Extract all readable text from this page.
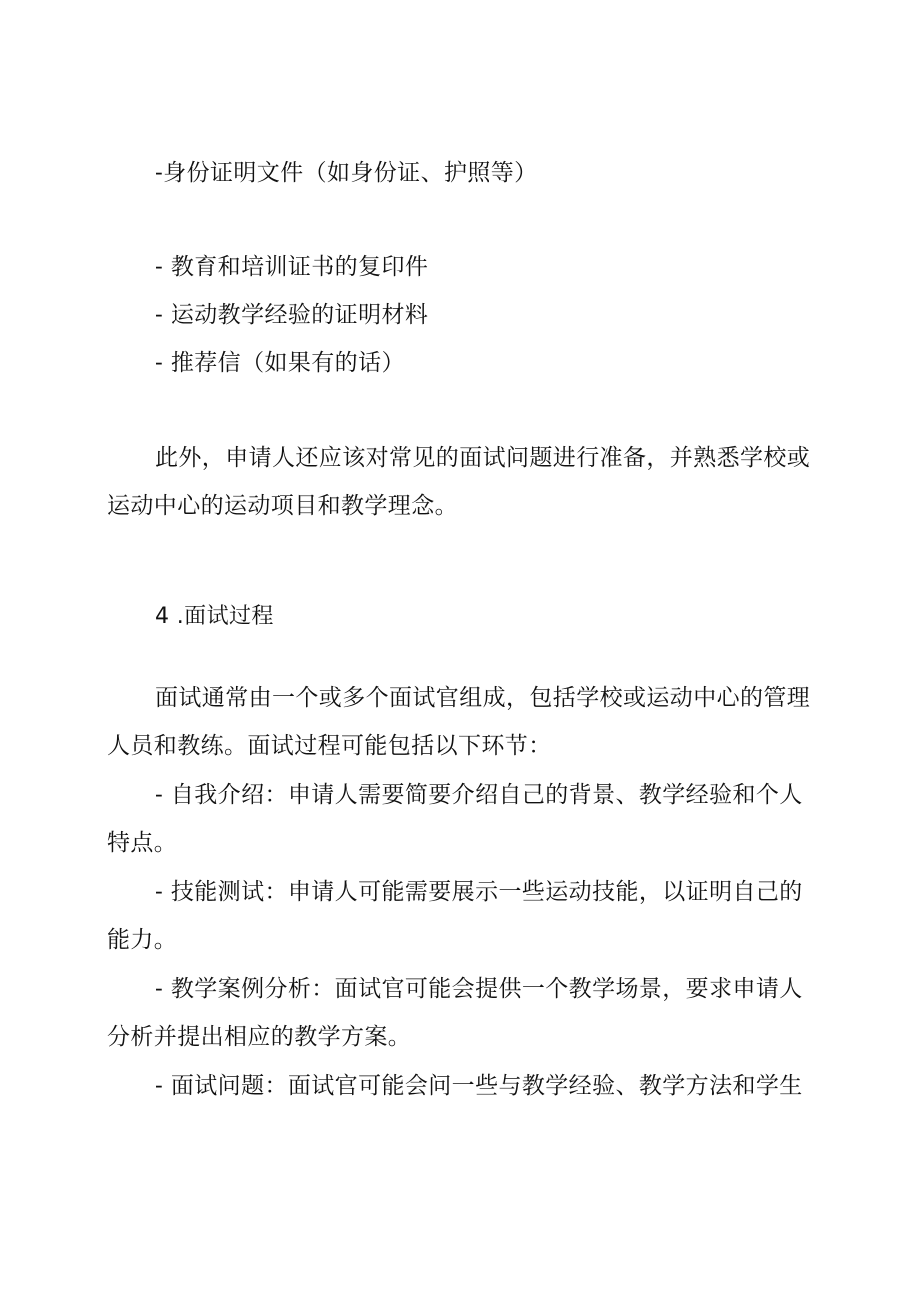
-身份证明文件（如身份证、护照等）
- 教育和培训证书的复印件
- 运动教学经验的证明材料
- 推荐信（如果有的话）
此外，申请人还应该对常见的面试问题进行准备，并熟悉学校或
运动中心的运动项目和教学理念。
4 .面试过程
面试通常由一个或多个面试官组成，包括学校或运动中心的管理
人员和教练。面试过程可能包括以下环节：
- 自我介绍：申请人需要简要介绍自己的背景、教学经验和个人
特点。
- 技能测试：申请人可能需要展示一些运动技能，以证明自己的
能力。
- 教学案例分析：面试官可能会提供一个教学场景，要求申请人
分析并提出相应的教学方案。
- 面试问题：面试官可能会问一些与教学经验、教学方法和学生
